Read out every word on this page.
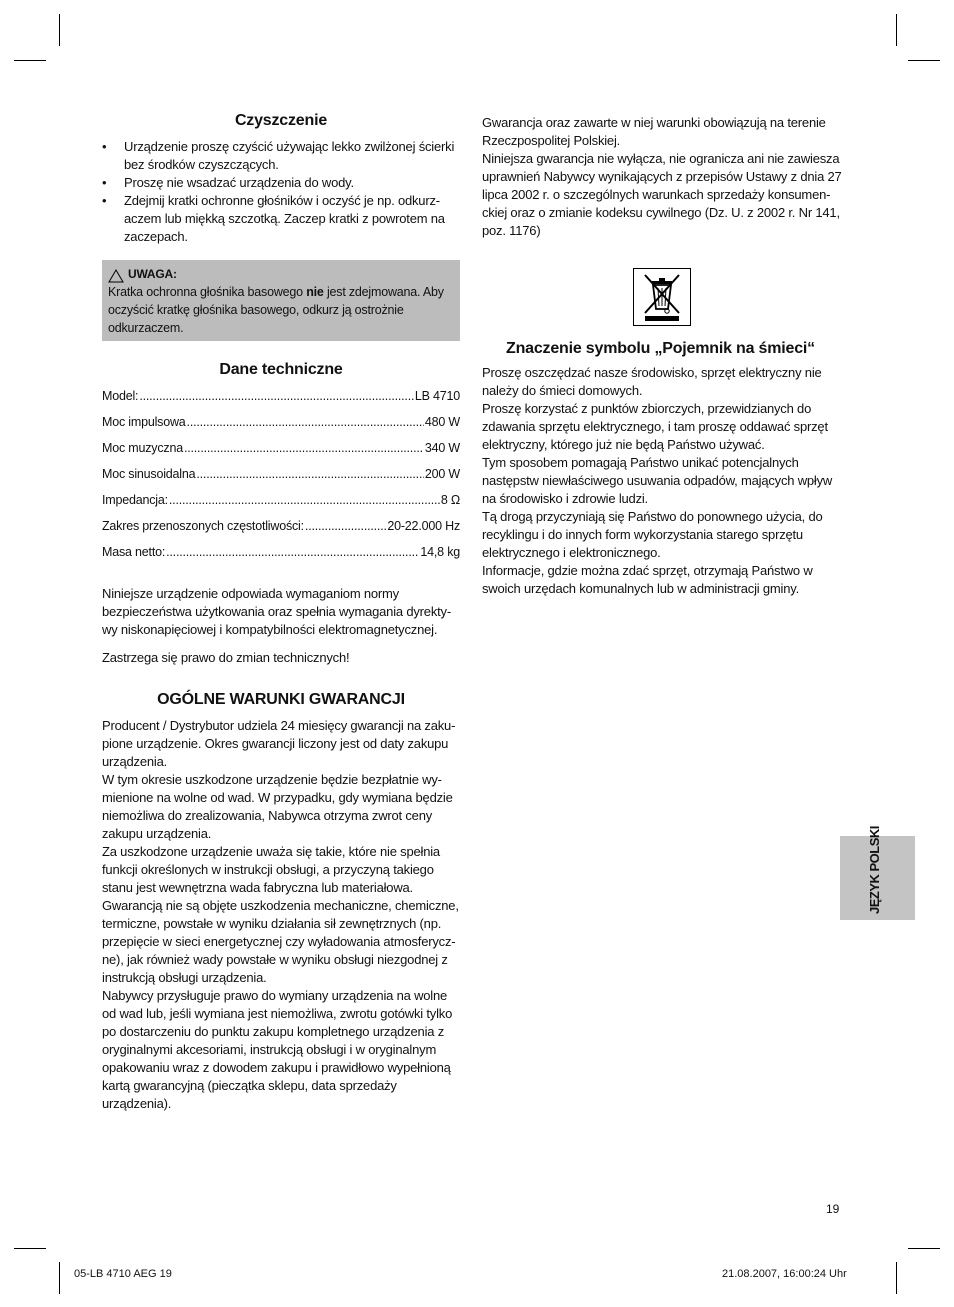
Czyszczenie
• Urządzenie proszę czyścić używając lekko zwilżonej ścierki bez środków czyszczących.
• Proszę nie wsadzać urządzenia do wody.
• Zdejmij kratki ochronne głośników i oczyść je np. odkurz-aczem lub miękką szczotką. Zaczep kratki z powrotem na zaczepach.
UWAGA:

Kratka ochronna głośnika basowego nie jest zdejmowana. Aby oczyścić kratkę głośnika basowego, odkurz ją ostrożnie odkurzaczem.

Dane techniczne
Model: .....	LB 4710
Moc impulsowa .....	480 W
Moc muzyczna .....	340 W
Moc sinusoidalna .....	200 W
Impedancja: .....	8 Ω
Zakres przenoszonych częstotliwości: .....	20-22.000 Hz
Masa netto: .....	14,8 kg

Niniejsze urządzenie odpowiada wymaganiom normy bezpieczeństwa użytkowania oraz spełnia wymagania dyrekty-wy niskonapięciowej i kompatybilności elektromagnetycznej.

Zastrzega się prawo do zmian technicznych!

OGÓLNE WARUNKI GWARANCJI

Producent / Dystrybutor udziela 24 miesięcy gwarancji na zaku-pione urządzenie. Okres gwarancji liczony jest od daty zakupu urządzenia.

W tym okresie uszkodzone urządzenie będzie bezpłatnie wy-mienione na wolne od wad. W przypadku, gdy wymiana będzie niemożliwa do zrealizowania, Nabywca otrzyma zwrot ceny zakupu urządzenia.

Za uszkodzone urządzenie uważa się takie, które nie spełnia funkcji określonych w instrukcji obsługi, a przyczyną takiego stanu jest wewnętrzna wada fabryczna lub materiałowa. Gwarancją nie są objęte uszkodzenia mechaniczne, chemiczne, termiczne, powstałe w wyniku działania sił zewnętrznych (np. przepięcie w sieci energetycznej czy wyładowania atmosferycz-ne), jak również wady powstałe w wyniku obsługi niezgodnej z instrukcją obsługi urządzenia.

Nabywcy przysługuje prawo do wymiany urządzenia na wolne od wad lub, jeśli wymiana jest niemożliwa, zwrotu gotówki tylko po dostarczeniu do punktu zakupu kompletnego urządzenia z oryginalnymi akcesoriami, instrukcją obsługi i w oryginalnym opakowaniu wraz z dowodem zakupu i prawidłowo wypełnioną kartą gwarancyjną (pieczątka sklepu, data sprzedaży urządzenia).

Gwarancja oraz zawarte w niej warunki obowiązują na terenie Rzeczpospolitej Polskiej.

Niniejsza gwarancja nie wyłącza, nie ogranicza ani nie zawiesza uprawnień Nabywcy wynikających z przepisów Ustawy z dnia 27 lipca 2002 r. o szczególnych warunkach sprzedaży konsumen-ckiej oraz o zmianie kodeksu cywilnego (Dz. U. z 2002 r. Nr 141, poz. 1176)

Znaczenie symbolu „Pojemnik na śmieci“

Proszę oszczędzać nasze środowisko, sprzęt elektryczny nie należy do śmieci domowych.

Proszę korzystać z punktów zbiorczych, przewidzianych do zdawania sprzętu elektrycznego, i tam proszę oddawać sprzęt elektryczny, którego już nie będą Państwo używać.

Tym sposobem pomagają Państwo unikać potencjalnych następstw niewłaściwego usuwania odpadów, mających wpływ na środowisko i zdrowie ludzi.

Tą drogą przyczyniają się Państwo do ponownego użycia, do recyklingu i do innych form wykorzystania starego sprzętu elektrycznego i elektronicznego.

Informacje, gdzie można zdać sprzęt, otrzymają Państwo w swoich urzędach komunalnych lub w administracji gminy.

JĘZYK POLSKI
19
05-LB 4710 AEG 19	21.08.2007, 16:00:24 Uhr
